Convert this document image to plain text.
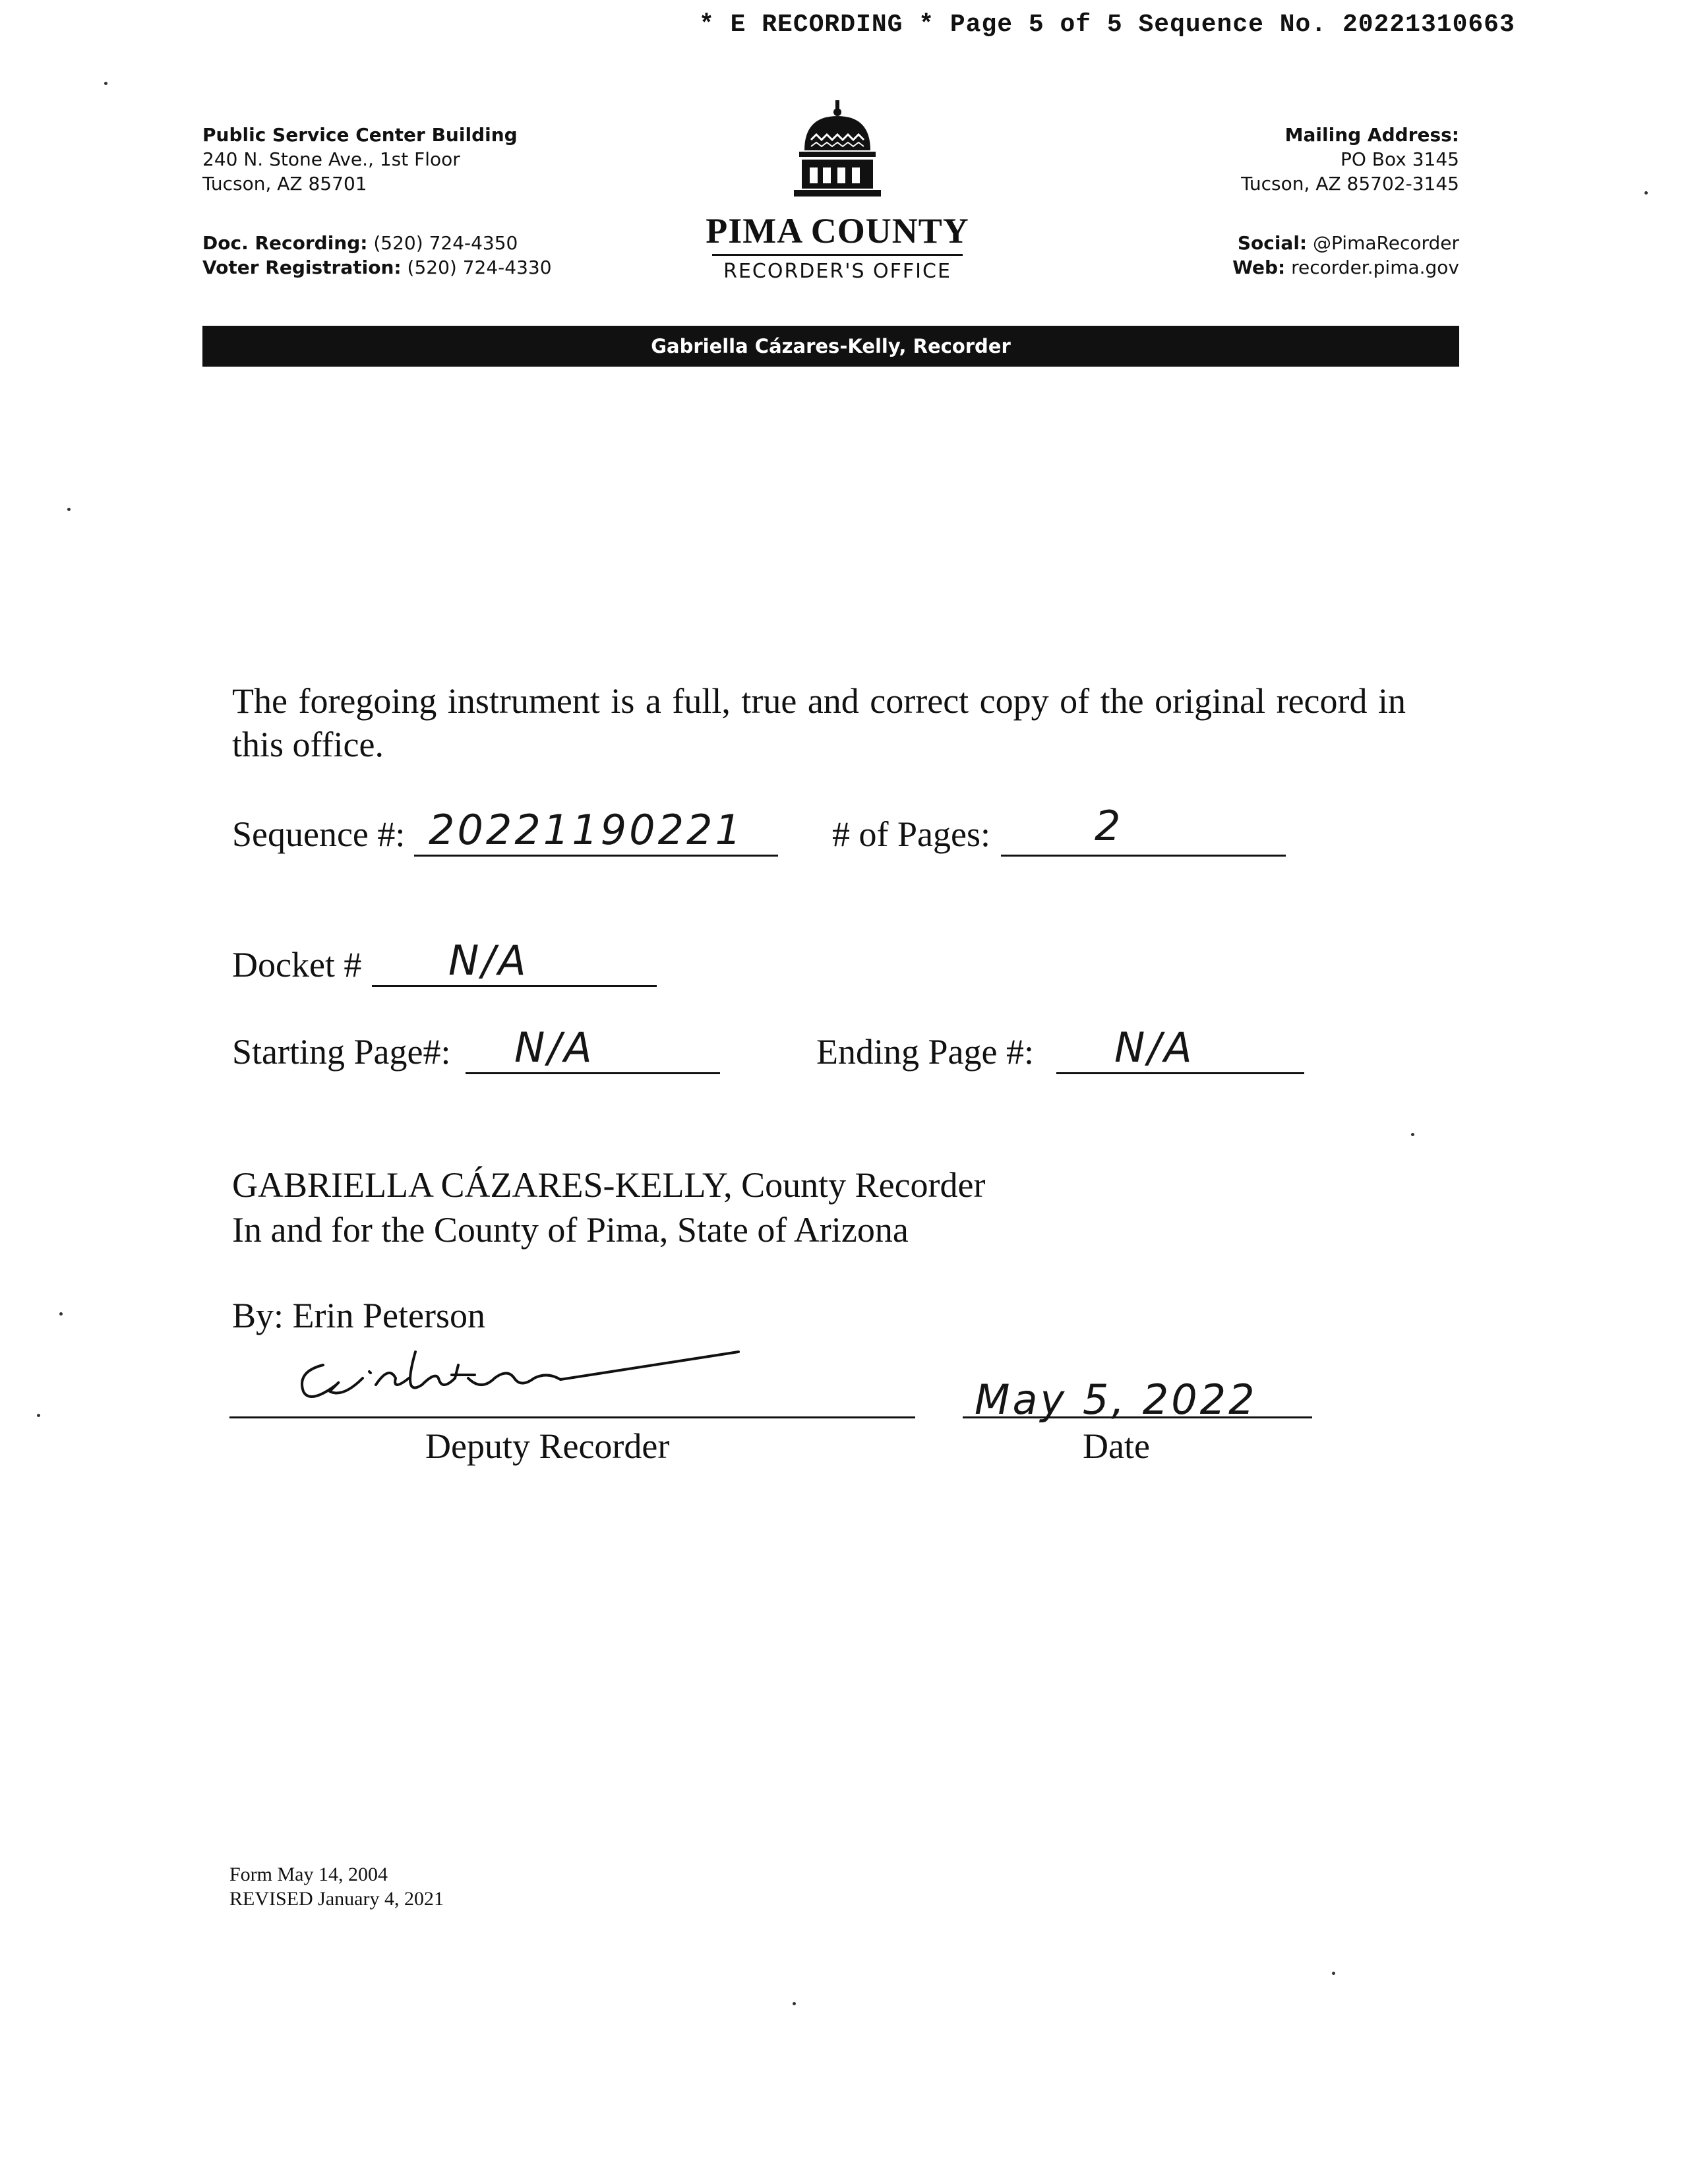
* E RECORDING * Page 5 of 5 Sequence No. 20221310663
Public Service Center Building
240 N. Stone Ave., 1st Floor
Tucson, AZ 85701
Doc. Recording: (520) 724-4350
Voter Registration: (520) 724-4330
PIMA COUNTY
RECORDER'S OFFICE
Mailing Address:
PO Box 3145
Tucson, AZ 85702-3145
Social: @PimaRecorder
Web: recorder.pima.gov
Gabriella Cázares-Kelly, Recorder
The foregoing instrument is a full, true and correct copy of the original record in this office.
Sequence #: 20221190221 # of Pages:	2
Docket # N/A
Starting Page#: N/A	Ending Page #: N/A
GABRIELLA CÁZARES-KELLY, County Recorder
In and for the County of Pima, State of Arizona
By: Erin Peterson
Deputy Recorder
May 5, 2022
Date
Form May 14, 2004
REVISED January 4, 2021
